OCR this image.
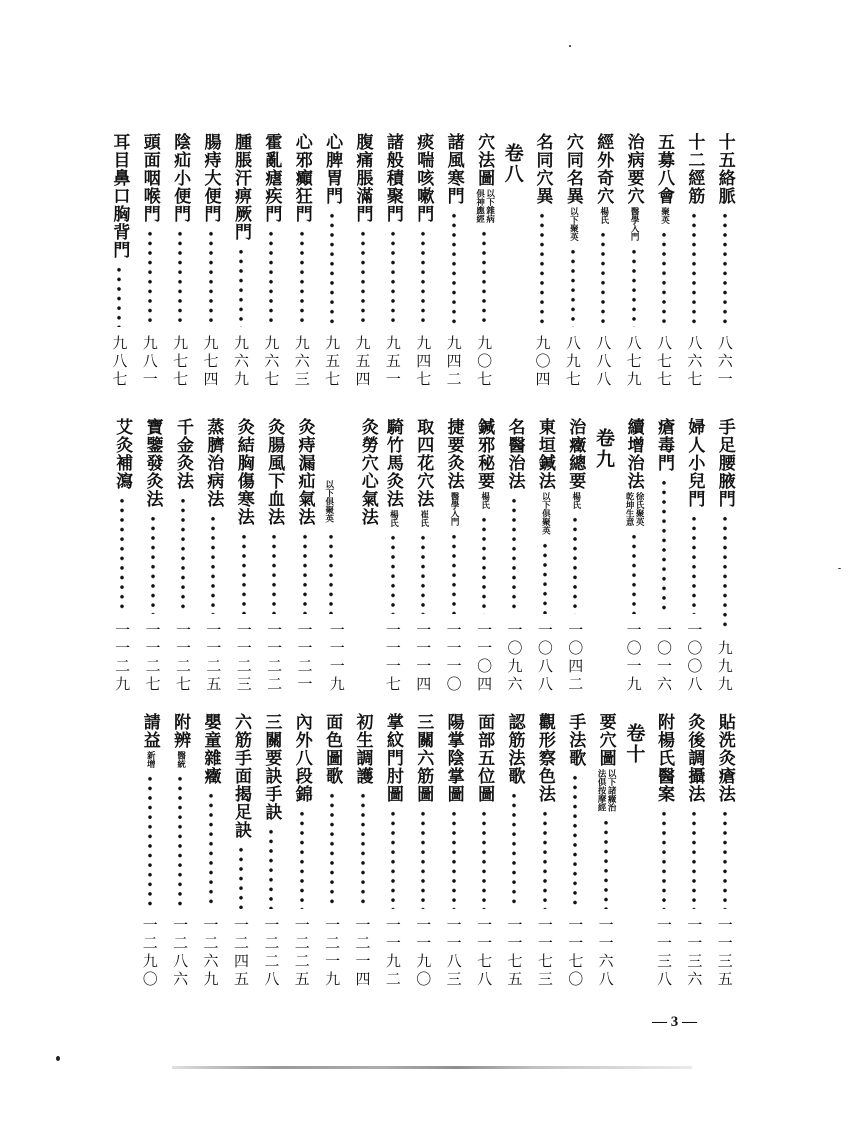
十五絡脈
八六一
十二經筋
八六七
五募八會
聚英
八七七
治病要穴
醫學入門
八七九
經外奇穴
楊氏
八八八
穴同名異
以下聚英
八九七
名同穴異
九〇四
卷八
穴法圖
以下雜病
俱神應經
九〇七
諸風寒門
九四二
痰喘咳嗽門
九四七
諸般積聚門
九五一
腹痛脹滿門
九五四
心脾胃門
九五七
心邪癲狂門
九六三
霍亂瘧疾門
九六七
腫脹汗痹厥門
九六九
腸痔大便門
九七四
陰疝小便門
九七七
頭面咽喉門
九八一
耳目鼻口胸背門
九八七
手足腰腋門
九九九
婦人小兒門
一〇〇八
瘡毒門
一〇一六
續增治法
徐氏聚英
乾坤生意
一〇一九
卷九
治癥總要
楊氏
一〇四二
東垣鍼法
以下俱聚英
一〇八八
名醫治法
一〇九六
鍼邪秘要
楊氏
一一〇四
捷要灸法
醫學入門
一一一〇
取四花穴法
崔氏
一一一四
騎竹馬灸法
楊氏
一一一七
以下俱聚英 灸勞穴心氣法
一一一九
灸痔漏疝氣法
一一二一
灸腸風下血法
一一二二
灸結胸傷寒法
一一二三
蒸臍治病法
一一二五
千金灸法
一一二七
寶鑒發灸法
一一二七
艾灸補瀉
一一二九
貼洗灸瘡法
一一三五
灸後調攝法
一一三六
附楊氏醫案
一一三八
卷十
要穴圖
以下諸癥治
法俱按摩經
一一六八
手法歌
一一七〇
觀形察色法
一一七三
認筋法歌
一一七五
面部五位圖
一一七八
陽掌陰掌圖
一一八三
三關六筋圖
一一九〇
掌紋門肘圖
一一九二
初生調護
一二一四
面色圖歌
一二一九
內外八段錦
一二二五
三關要訣手訣
一二二八
六筋手面揭足訣
一二四五
嬰童雜癥
一二六九
附辨
醫統
一二八六
請益
新增
一二九〇
— 3 —
